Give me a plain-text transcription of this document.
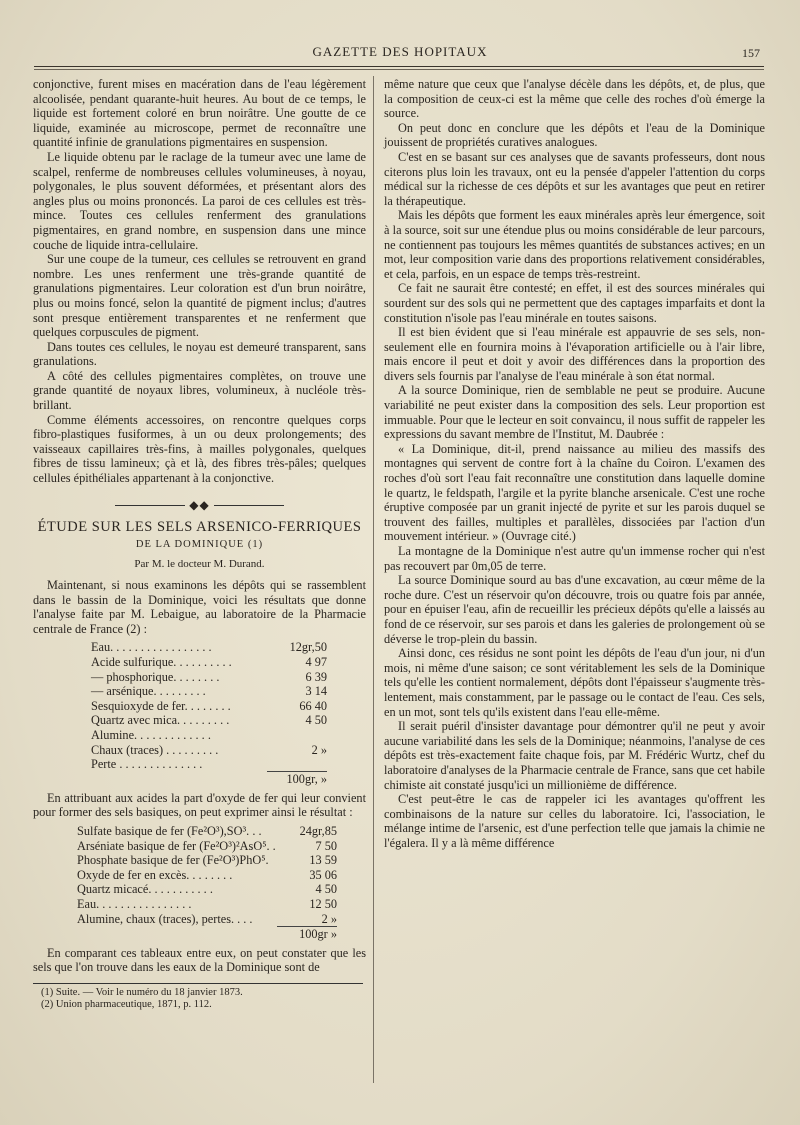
GAZETTE DES HOPITAUX	157

conjonctive, furent mises en macération dans de l'eau légèrement alcoolisée, pendant quarante-huit heures. Au bout de ce temps, le liquide est fortement coloré en brun noirâtre. Une goutte de ce liquide, examinée au microscope, permet de reconnaître une quantité infinie de granulations pigmentaires en suspension.

Le liquide obtenu par le raclage de la tumeur avec une lame de scalpel, renferme de nombreuses cellules volumineuses, à noyau, polygonales, le plus souvent déformées, et présentant alors des angles plus ou moins prononcés. La paroi de ces cellules est très-mince. Toutes ces cellules renferment des granulations pigmentaires, en grand nombre, en suspension dans une mince couche de liquide intra-cellulaire.

Sur une coupe de la tumeur, ces cellules se retrouvent en grand nombre. Les unes renferment une très-grande quantité de granulations pigmentaires. Leur coloration est d'un brun noirâtre, plus ou moins foncé, selon la quantité de pigment inclus; d'autres sont presque entièrement transparentes et ne renferment que quelques corpuscules de pigment.

Dans toutes ces cellules, le noyau est demeuré transparent, sans granulations.

A côté des cellules pigmentaires complètes, on trouve une grande quantité de noyaux libres, volumineux, à nucléole très-brillant.

Comme éléments accessoires, on rencontre quelques corps fibro-plastiques fusiformes, à un ou deux prolongements; des vaisseaux capillaires très-fins, à mailles polygonales, quelques fibres de tissu lamineux; çà et là, des fibres très-pâles; quelques cellules épithéliales appartenant à la conjonctive.

◆◆
ÉTUDE SUR LES SELS ARSENICO-FERRIQUES
DE LA DOMINIQUE (1)
Par M. le docteur M. Durand.

Maintenant, si nous examinons les dépôts qui se rassemblent dans le bassin de la Dominique, voici les résultats que donne l'analyse faite par M. Lebaigue, au laboratoire de la Pharmacie centrale de France (2) :

Eau. . . . . . . . . . . . . . . . .	12gr,50
Acide sulfurique. . . . . . . . . .	4 97
— phosphorique. . . . . . . .	6 39
— arsénique. . . . . . . . .	3 14
Sesquioxyde de fer. . . . . . . .	66 40
Quartz avec mica. . . . . . . . .	4 50
Alumine. . . . . . . . . . . . .	
Chaux (traces) . . . . . . . . .	2 »
Perte . . . . . . . . . . . . . .	
	100gr, »

En attribuant aux acides la part d'oxyde de fer qui leur convient pour former des sels basiques, on peut exprimer ainsi le résultat :

Sulfate basique de fer (Fe²O³),SO³. . .	24gr,85
Arséniate basique de fer (Fe²O³)²AsO⁵. .	7 50
Phosphate basique de fer (Fe²O³)PhO⁵.	13 59
Oxyde de fer en excès. . . . . . . .	35 06
Quartz micacé. . . . . . . . . . .	4 50
Eau. . . . . . . . . . . . . . . .	12 50
Alumine, chaux (traces), pertes. . . .	2 »
	100gr »

En comparant ces tableaux entre eux, on peut constater que les sels que l'on trouve dans les eaux de la Dominique sont de

(1) Suite. — Voir le numéro du 18 janvier 1873.
(2) Union pharmaceutique, 1871, p. 112.

même nature que ceux que l'analyse décèle dans les dépôts, et, de plus, que la composition de ceux-ci est la même que celle des roches d'où émerge la source.

On peut donc en conclure que les dépôts et l'eau de la Dominique jouissent de propriétés curatives analogues.

C'est en se basant sur ces analyses que de savants professeurs, dont nous citerons plus loin les travaux, ont eu la pensée d'appeler l'attention du corps médical sur la richesse de ces dépôts et sur les avantages que peut en retirer la thérapeutique.

Mais les dépôts que forment les eaux minérales après leur émergence, soit à la source, soit sur une étendue plus ou moins considérable de leur parcours, ne contiennent pas toujours les mêmes quantités de substances actives; en un mot, leur composition varie dans des proportions relativement considérables, et cela, parfois, en un espace de temps très-restreint.

Ce fait ne saurait être contesté; en effet, il est des sources minérales qui sourdent sur des sols qui ne permettent que des captages imparfaits et dont la constitution n'isole pas l'eau minérale en toutes saisons.

Il est bien évident que si l'eau minérale est appauvrie de ses sels, non-seulement elle en fournira moins à l'évaporation artificielle ou à l'air libre, mais encore il peut et doit y avoir des différences dans la proportion des divers sels fournis par l'analyse de l'eau minérale à son état normal.

A la source Dominique, rien de semblable ne peut se produire. Aucune variabilité ne peut exister dans la composition des sels. Leur proportion est immuable. Pour que le lecteur en soit convaincu, il nous suffit de rappeler les expressions du savant membre de l'Institut, M. Daubrée :

« La Dominique, dit-il, prend naissance au milieu des massifs des montagnes qui servent de contre fort à la chaîne du Coiron. L'examen des roches d'où sort l'eau fait reconnaître une constitution dans laquelle domine le quartz, le feldspath, l'argile et la pyrite blanche arsenicale. C'est une roche éruptive composée par un granit injecté de pyrite et sur les parois duquel se trouvent des failles, multiples et parallèles, dissociées par l'action d'un mouvement intérieur. » (Ouvrage cité.)

La montagne de la Dominique n'est autre qu'un immense rocher qui n'est pas recouvert par 0m,05 de terre.

La source Dominique sourd au bas d'une excavation, au cœur même de la roche dure. C'est un réservoir qu'on découvre, trois ou quatre fois par année, pour en épuiser l'eau, afin de recueillir les précieux dépôts qu'elle a laissés au fond de ce réservoir, sur ses parois et dans les galeries de prolongement où se déverse le trop-plein du bassin.

Ainsi donc, ces résidus ne sont point les dépôts de l'eau d'un jour, ni d'un mois, ni même d'une saison; ce sont véritablement les sels de la Dominique tels qu'elle les contient normalement, dépôts dont l'épaisseur s'augmente très-lentement, mais constamment, par le passage ou le contact de l'eau. Ces sels, en un mot, sont tels qu'ils existent dans l'eau elle-même.

Il serait puéril d'insister davantage pour démontrer qu'il ne peut y avoir aucune variabilité dans les sels de la Dominique; néanmoins, l'analyse de ces dépôts est très-exactement faite chaque fois, par M. Frédéric Wurtz, chef du laboratoire d'analyses de la Pharmacie centrale de France, sans que cet habile chimiste ait constaté jusqu'ici un millionième de différence.

C'est peut-être le cas de rappeler ici les avantages qu'offrent les combinaisons de la nature sur celles du laboratoire. Ici, l'association, le mélange intime de l'arsenic, est d'une perfection telle que jamais la chimie ne l'égalera. Il y a là même différence
